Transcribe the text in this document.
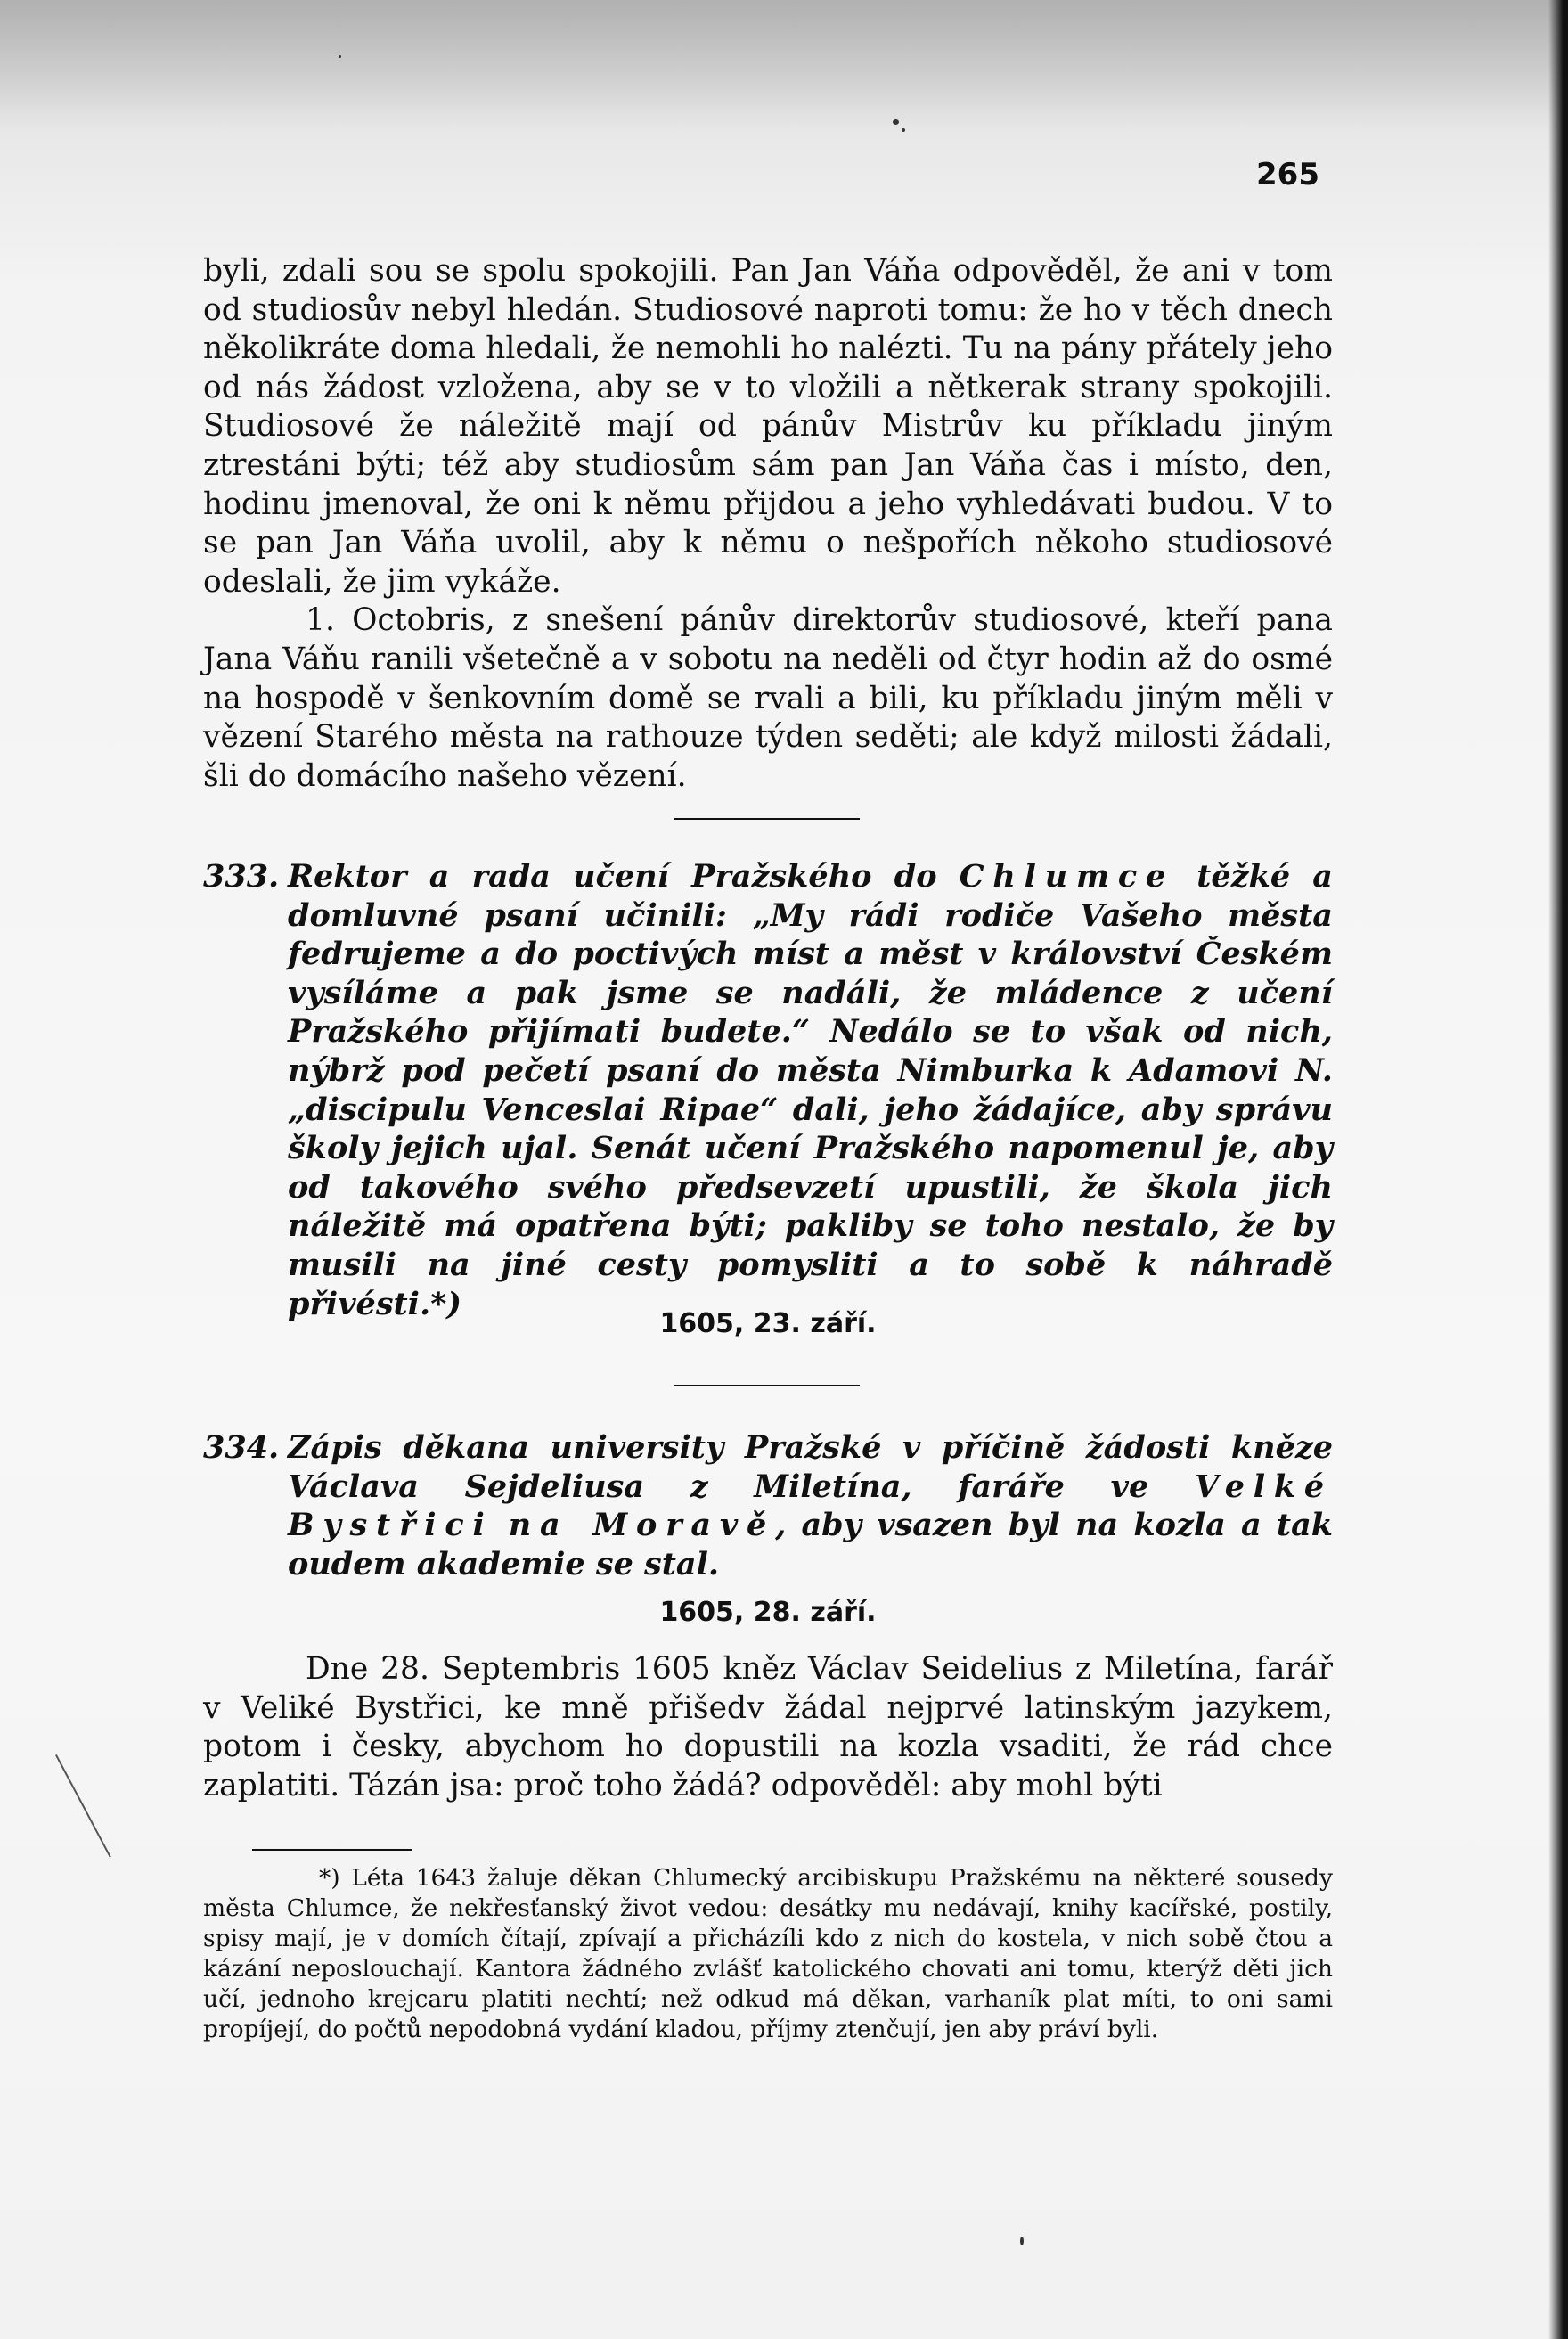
265

byli, zdali sou se spolu spokojili. Pan Jan Váňa odpověděl, že ani v tom od studiosův nebyl hledán. Studiosové naproti tomu: že ho v těch dnech několikráte doma hledali, že nemohli ho nalézti. Tu na pány přátely jeho od nás žádost vzložena, aby se v to vložili a nětkerak strany spokojili. Studiosové že náležitě mají od pánův Mistrův ku příkladu jiným ztrestáni býti; též aby studiosům sám pan Jan Váňa čas i místo, den, hodinu jmenoval, že oni k němu přijdou a jeho vyhledávati budou. V to se pan Jan Váňa uvolil, aby k němu o nešpořích někoho studiosové odeslali, že jim vykáže.

1. Octobris, z snešení pánův direktorův studiosové, kteří pana Jana Váňu ranili všetečně a v sobotu na neděli od čtyr hodin až do osmé na hospodě v šenkovním domě se rvali a bili, ku příkladu jiným měli v vězení Starého města na rathouze týden seděti; ale když milosti žádali, šli do domácího našeho vězení.

333. Rektor a rada učení Pražského do Chlumce těžké a domluvné psaní učinili: „My rádi rodiče Vašeho města fedrujeme a do poctivých míst a měst v království Českém vysíláme a pak jsme se nadáli, že mládence z učení Pražského přijímati budete.“ Nedálo se to však od nich, nýbrž pod pečetí psaní do města Nimburka k Adamovi N. „discipulu Venceslai Ripae“ dali, jeho žádajíce, aby správu školy jejich ujal. Senát učení Pražského napomenul je, aby od takového svého předsevzetí upustili, že škola jich náležitě má opatřena býti; pakliby se toho nestalo, že by musili na jiné cesty pomysliti a to sobě k náhradě přivésti.*)

1605, 23. září.

334. Zápis děkana university Pražské v příčině žádosti kněze Václava Sejdeliusa z Miletína, faráře ve Velké Bystřici na Moravě, aby vsazen byl na kozla a tak oudem akademie se stal.

1605, 28. září.

Dne 28. Septembris 1605 kněz Václav Seidelius z Miletína, farář v Veliké Bystřici, ke mně přišedv žádal nejprvé latinským jazykem, potom i česky, abychom ho dopustili na kozla vsaditi, že rád chce zaplatiti. Tázán jsa: proč toho žádá? odpověděl: aby mohl býti

*) Léta 1643 žaluje děkan Chlumecký arcibiskupu Pražskému na některé sousedy města Chlumce, že nekřesťanský život vedou: desátky mu nedávají, knihy kacířské, postily, spisy mají, je v domích čítají, zpívají a přicházíli kdo z nich do kostela, v nich sobě čtou a kázání neposlouchají. Kantora žádného zvlášť katolického chovati ani tomu, kterýž děti jich učí, jednoho krejcaru platiti nechtí; než odkud má děkan, varhaník plat míti, to oni sami propíjejí, do počtů nepodobná vydání kladou, příjmy ztenčují, jen aby práví byli.
